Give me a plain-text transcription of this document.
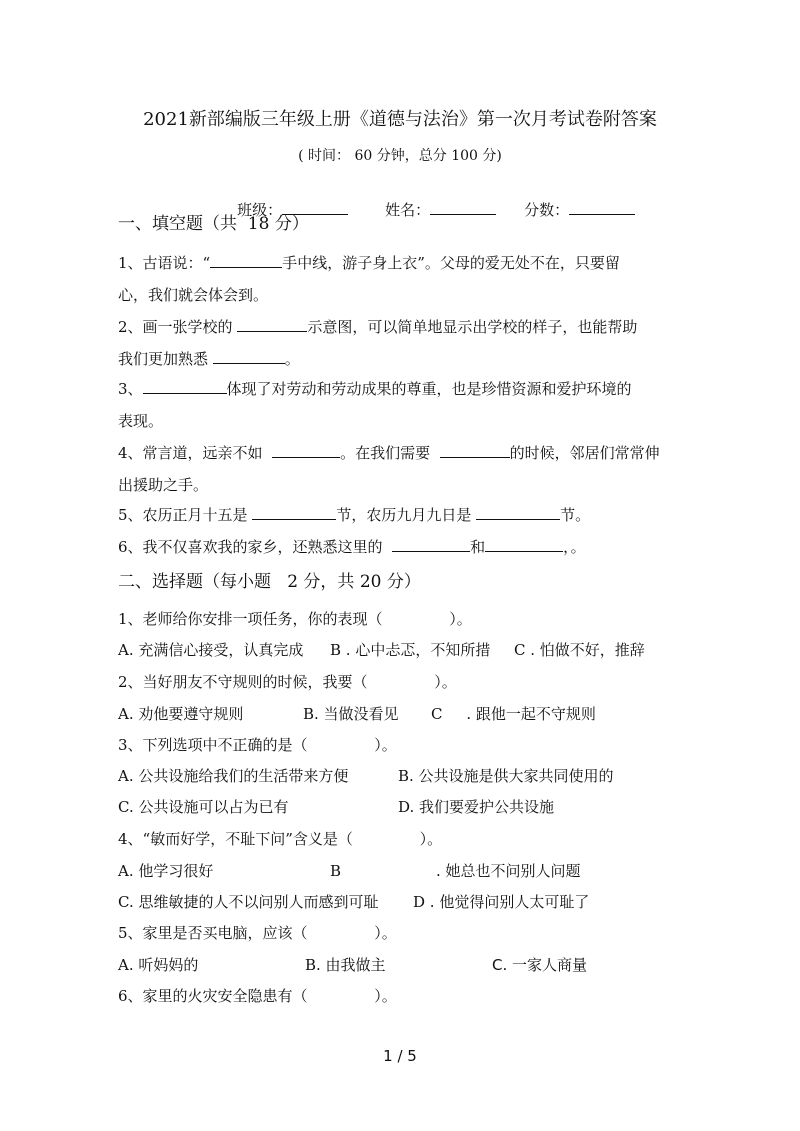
2021新部编版三年级上册《道德与法治》第一次月考试卷附答案
( 时间： 60 分钟，总分 100 分)

班级：
	姓名：
	分数：

一、填空题（共  18 分）
1、古语说：“	手中线，游子身上衣”。父母的爱无处不在，只要留
心，我们就会体会到。
2、画一张学校的	示意图，可以简单地显示出学校的样子，也能帮助
我们更加熟悉	。
3、	体现了对劳动和劳动成果的尊重，也是珍惜资源和爱护环境的
表现。
4、常言道，远亲不如	。在我们需要	的时候，邻居们常常伸
出援助之手。
5、农历正月十五是	节，农历九月九日是	节。
6、我不仅喜欢我的家乡，还熟悉这里的	和	，。
二、选择题（每小题   2 分，共 20 分）
1、老师给你安排一项任务，你的表现（              ）。
A. 充满信心接受，认真完成 B . 心中忐忑，不知所措 C . 怕做不好，推辞
2、当好朋友不守规则的时候，我要（              ）。
A. 劝他要遵守规则	B. 当做没看见 C     . 跟他一起不守规则
3、下列选项中不正确的是（              ）。
A. 公共设施给我们的生活带来方便	B. 公共设施是供大家共同使用的
C. 公共设施可以占为已有	D. 我们要爱护公共设施
4、“敏而好学，不耻下问”含义是（              ）。
A. 他学习很好	B	. 她总也不问别人问题
C. 思维敏捷的人不以问别人而感到可耻 D . 他觉得问别人太可耻了
5、家里是否买电脑，应该（              ）。
A. 听妈妈的	B. 由我做主	C. 一家人商量
6、家里的火灾安全隐患有（              ）。
1 / 5
